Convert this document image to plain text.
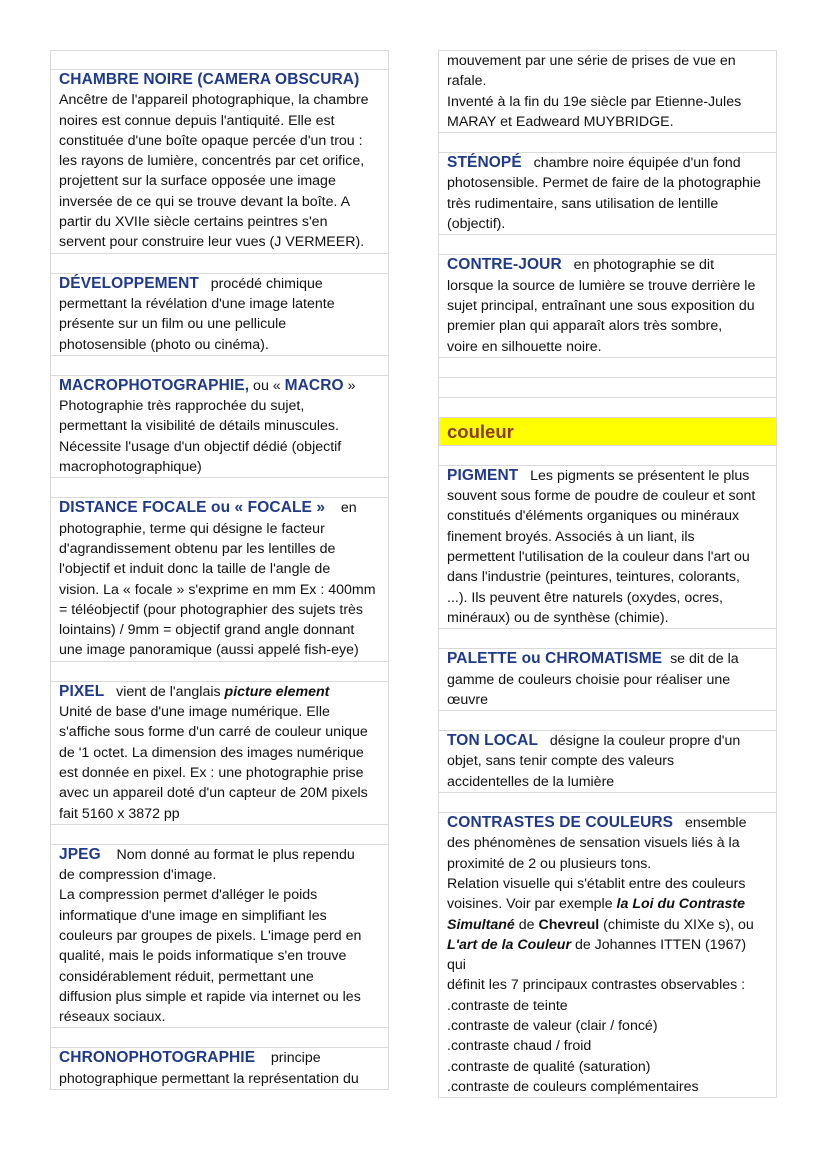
CHAMBRE NOIRE (CAMERA OBSCURA)
Ancêtre de l'appareil photographique, la chambre
noires est connue depuis l'antiquité. Elle est
constituée d'une boîte opaque percée d'un trou :
les rayons de lumière, concentrés par cet orifice,
projettent sur la surface opposée une image
inversée de ce qui se trouve devant la boîte. A
partir du XVIIe siècle certains peintres s'en
servent pour construire leur vues (J VERMEER).
DÉVELOPPEMENT procédé chimique
permettant la révélation d'une image latente
présente sur un film ou une pellicule
photosensible (photo ou cinéma).
MACROPHOTOGRAPHIE, ou « MACRO »
Photographie très rapprochée du sujet,
permettant la visibilité de détails minuscules.
Nécessite l'usage d'un objectif dédié (objectif
macrophotographique)
DISTANCE FOCALE ou « FOCALE » en
photographie, terme qui désigne le facteur
d'agrandissement obtenu par les lentilles de
l'objectif et induit donc la taille de l'angle de
vision. La « focale » s'exprime en mm Ex : 400mm
= téléobjectif (pour photographier des sujets très
lointains) / 9mm = objectif grand angle donnant
une image panoramique (aussi appelé fish-eye)
PIXEL vient de l'anglais picture element
Unité de base d'une image numérique. Elle
s'affiche sous forme d'un carré de couleur unique
de '1 octet. La dimension des images numérique
est donnée en pixel. Ex : une photographie prise
avec un appareil doté d'un capteur de 20M pixels
fait 5160 x 3872 pp
JPEG Nom donné au format le plus rependu
de compression d'image.
La compression permet d'alléger le poids
informatique d'une image en simplifiant les
couleurs par groupes de pixels. L'image perd en
qualité, mais le poids informatique s'en trouve
considérablement réduit, permettant une
diffusion plus simple et rapide via internet ou les
réseaux sociaux.
CHRONOPHOTOGRAPHIE principe
photographique permettant la représentation du
mouvement par une série de prises de vue en
rafale.
Inventé à la fin du 19e siècle par Etienne-Jules
MARAY et Eadweard MUYBRIDGE.
STÉNOPÉ chambre noire équipée d'un fond
photosensible. Permet de faire de la photographie
très rudimentaire, sans utilisation de lentille
(objectif).
CONTRE-JOUR en photographie se dit
lorsque la source de lumière se trouve derrière le
sujet principal, entraînant une sous exposition du
premier plan qui apparaît alors très sombre,
voire en silhouette noire.
couleur
PIGMENT Les pigments se présentent le plus
souvent sous forme de poudre de couleur et sont
constitués d'éléments organiques ou minéraux
finement broyés. Associés à un liant, ils
permettent l'utilisation de la couleur dans l'art ou
dans l'industrie (peintures, teintures, colorants,
...). Ils peuvent être naturels (oxydes, ocres,
minéraux) ou de synthèse (chimie).
PALETTE ou CHROMATISME se dit de la
gamme de couleurs choisie pour réaliser une
œuvre
TON LOCAL désigne la couleur propre d'un
objet, sans tenir compte des valeurs
accidentelles de la lumière
CONTRASTES DE COULEURS ensemble
des phénomènes de sensation visuels liés à la
proximité de 2 ou plusieurs tons.
Relation visuelle qui s'établit entre des couleurs
voisines. Voir par exemple la Loi du Contraste
Simultané de Chevreul (chimiste du XIXe s), ou
L'art de la Couleur de Johannes ITTEN (1967) qui
définit les 7 principaux contrastes observables :
.contraste de teinte
.contraste de valeur (clair / foncé)
.contraste chaud / froid
.contraste de qualité (saturation)
.contraste de couleurs complémentaires
